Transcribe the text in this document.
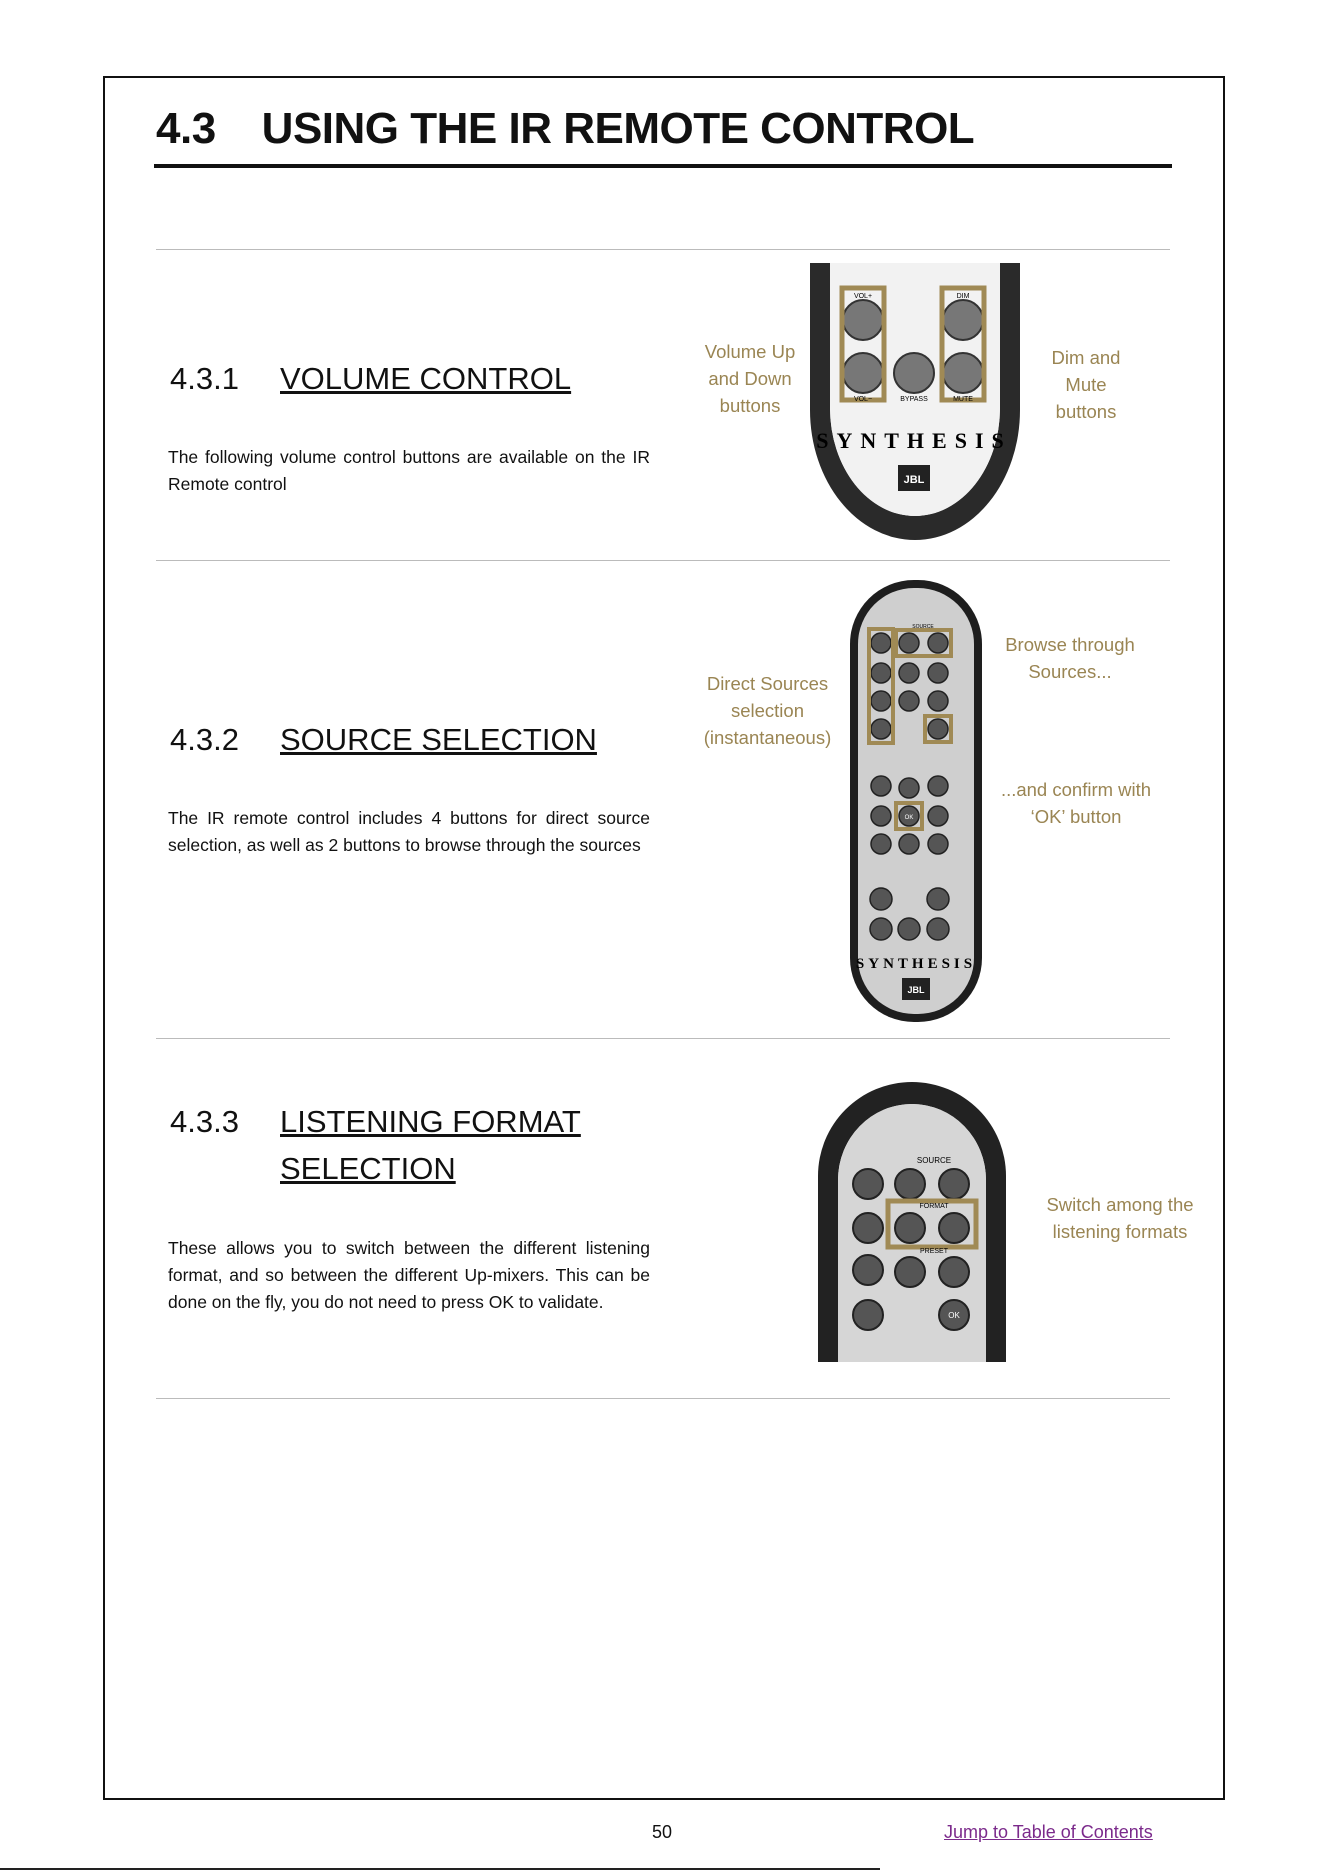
4.3 USING THE IR REMOTE CONTROL
4.3.1	VOLUME CONTROL
The following volume control buttons are available on the IR Remote control
Volume Up and Down buttons
Dim and Mute buttons
VOL+
VOL−
DIM
BYPASS	MUTE
SYNTHESIS
JBL
4.3.2	SOURCE SELECTION
The IR remote control includes 4 buttons for direct source selection, as well as 2 buttons to browse through the sources
Direct Sources selection (instantaneous)
Browse through Sources...
...and confirm with ‘OK’ button
SOURCE
OK
SYNTHESIS
JBL
4.3.3	LISTENING FORMAT
SELECTION
These allows you to switch between the different listening format, and so between the different Up-mixers. This can be done on the fly, you do not need to press OK to validate.
Switch among the listening formats
SOURCE
FORMAT
PRESET
OK
50	Jump to Table of Contents
